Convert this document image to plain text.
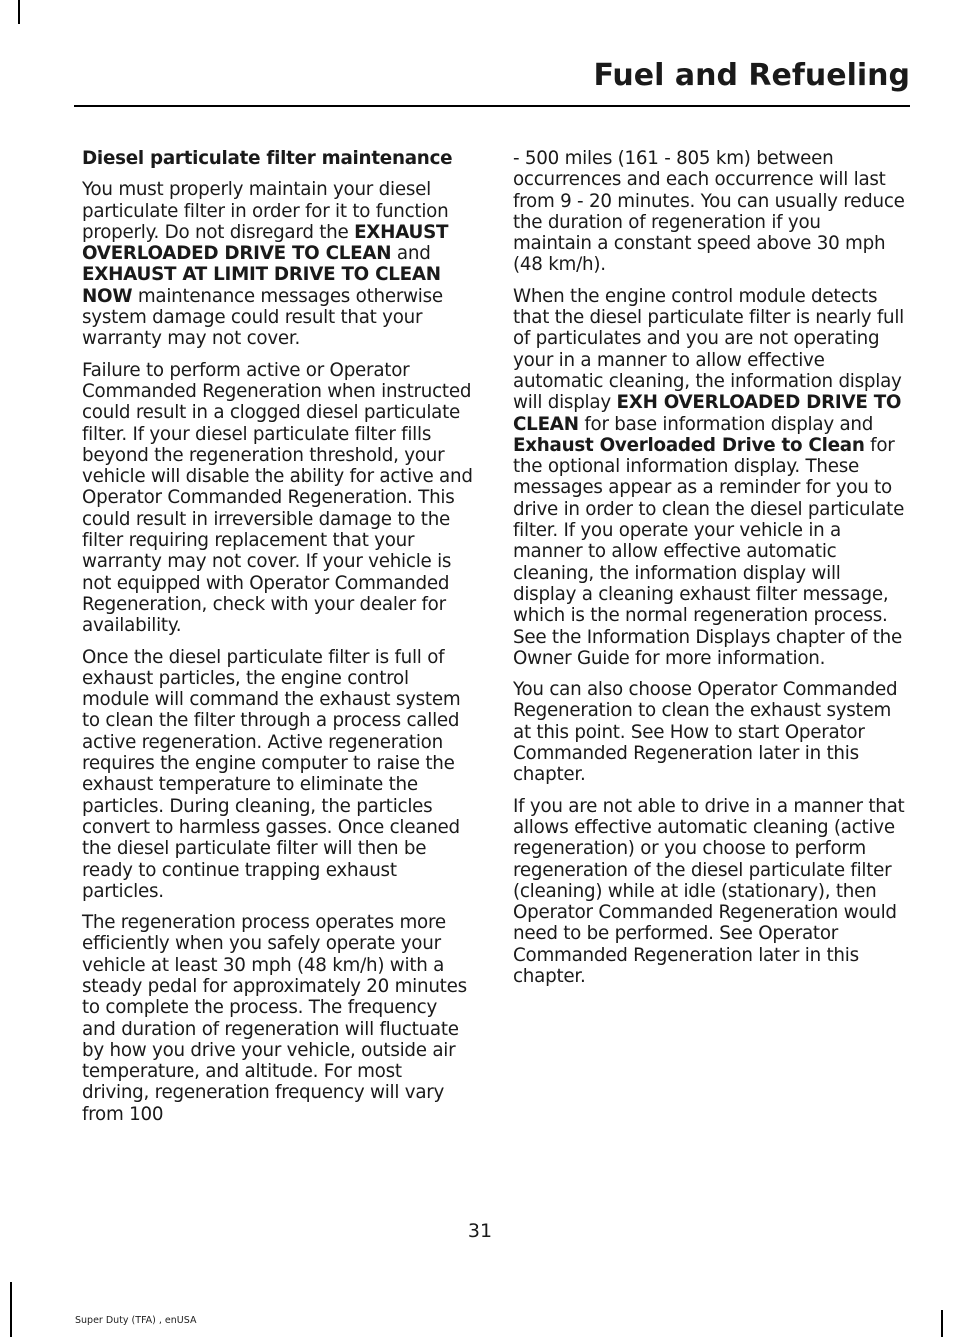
Fuel and Refueling
Diesel particulate filter maintenance

You must properly maintain your diesel particulate filter in order for it to function properly. Do not disregard the EXHAUST OVERLOADED DRIVE TO CLEAN and EXHAUST AT LIMIT DRIVE TO CLEAN NOW maintenance messages otherwise system damage could result that your warranty may not cover.

Failure to perform active or Operator Commanded Regeneration when instructed could result in a clogged diesel particulate filter. If your diesel particulate filter fills beyond the regeneration threshold, your vehicle will disable the ability for active and Operator Commanded Regeneration. This could result in irreversible damage to the filter requiring replacement that your warranty may not cover. If your vehicle is not equipped with Operator Commanded Regeneration, check with your dealer for availability.

Once the diesel particulate filter is full of exhaust particles, the engine control module will command the exhaust system to clean the filter through a process called active regeneration. Active regeneration requires the engine computer to raise the exhaust temperature to eliminate the particles. During cleaning, the particles convert to harmless gasses. Once cleaned the diesel particulate filter will then be ready to continue trapping exhaust particles.

The regeneration process operates more efficiently when you safely operate your vehicle at least 30 mph (48 km/h) with a steady pedal for approximately 20 minutes to complete the process. The frequency and duration of regeneration will fluctuate by how you drive your vehicle, outside air temperature, and altitude. For most driving, regeneration frequency will vary from 100

- 500 miles (161 - 805 km) between occurrences and each occurrence will last from 9 - 20 minutes. You can usually reduce the duration of regeneration if you maintain a constant speed above 30 mph (48 km/h).

When the engine control module detects that the diesel particulate filter is nearly full of particulates and you are not operating your in a manner to allow effective automatic cleaning, the information display will display EXH OVERLOADED DRIVE TO CLEAN for base information display and Exhaust Overloaded Drive to Clean for the optional information display. These messages appear as a reminder for you to drive in order to clean the diesel particulate filter. If you operate your vehicle in a manner to allow effective automatic cleaning, the information display will display a cleaning exhaust filter message, which is the normal regeneration process. See the Information Displays chapter of the Owner Guide for more information.

You can also choose Operator Commanded Regeneration to clean the exhaust system at this point. See How to start Operator Commanded Regeneration later in this chapter.

If you are not able to drive in a manner that allows effective automatic cleaning (active regeneration) or you choose to perform regeneration of the diesel particulate filter (cleaning) while at idle (stationary), then Operator Commanded Regeneration would need to be performed. See Operator Commanded Regeneration later in this chapter.

31
Super Duty (TFA) , enUSA
